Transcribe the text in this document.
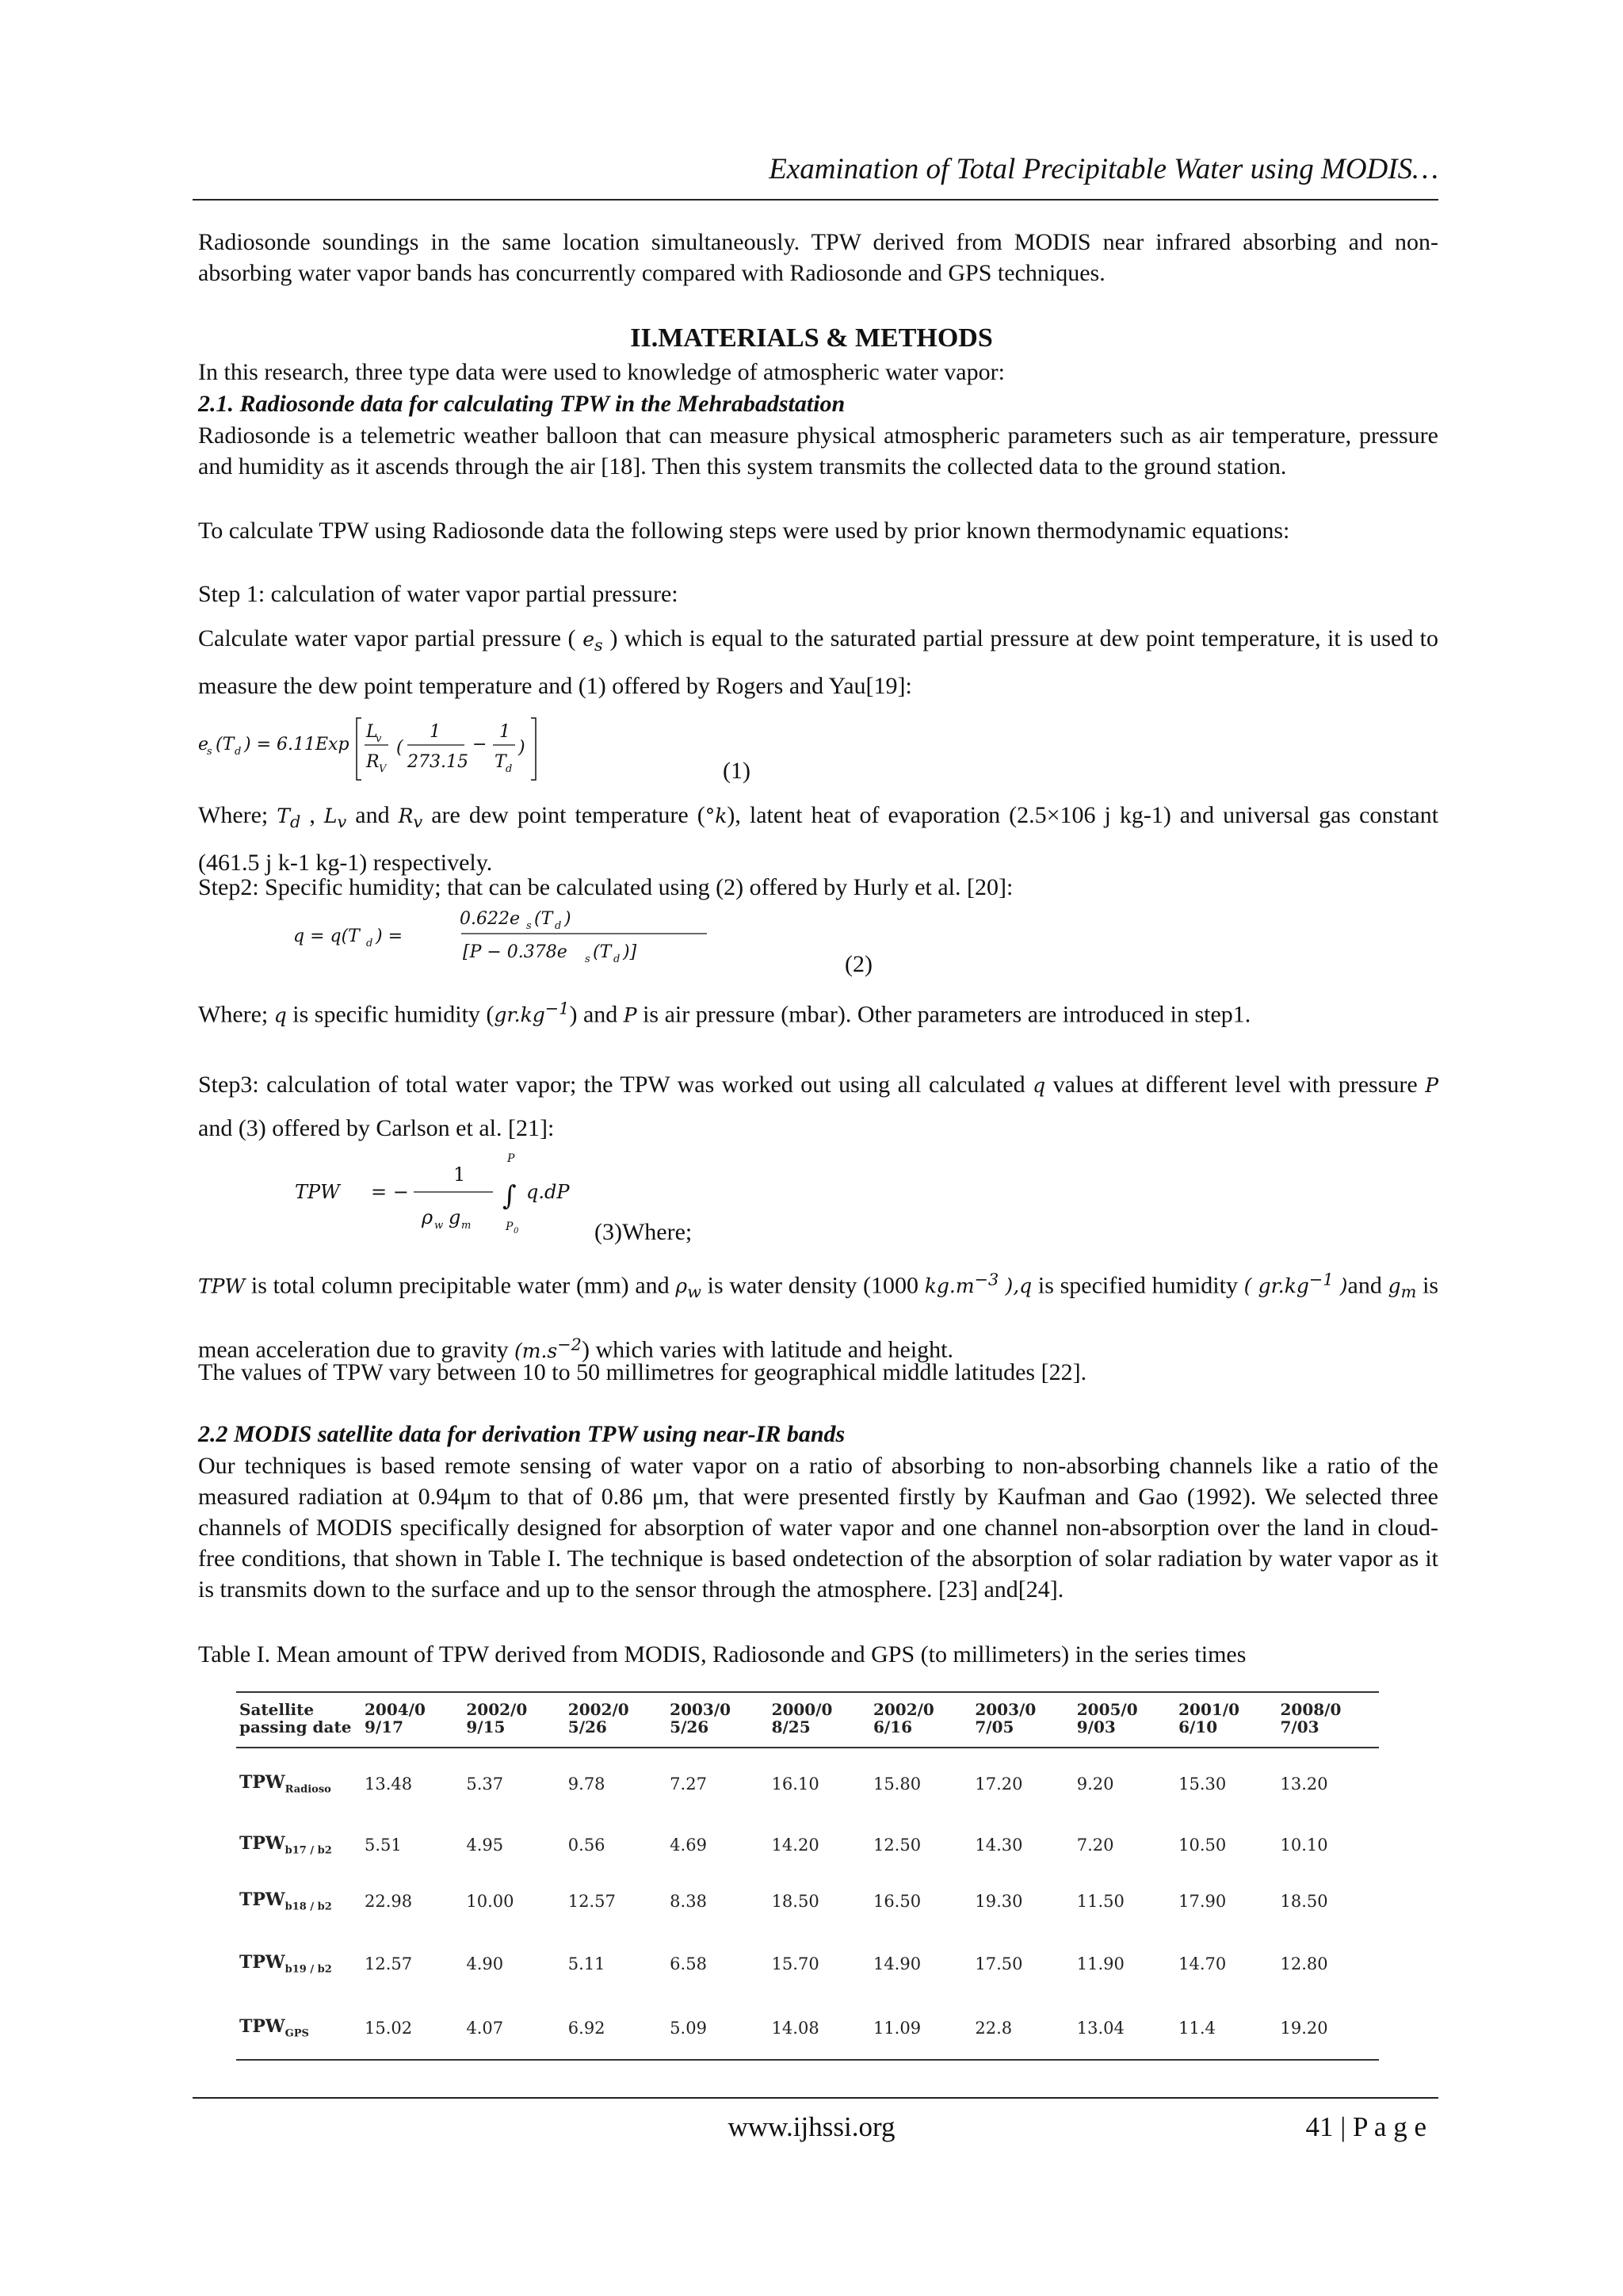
Examination of Total Precipitable Water using MODIS…
Radiosonde soundings in the same location simultaneously. TPW derived from MODIS near infrared absorbing and non- absorbing water vapor bands has concurrently compared with Radiosonde and GPS techniques.
II.MATERIALS & METHODS
In this research, three type data were used to knowledge of atmospheric water vapor:
2.1. Radiosonde data for calculating TPW in the Mehrabadstation
Radiosonde is a telemetric weather balloon that can measure physical atmospheric parameters such as air temperature, pressure and humidity as it ascends through the air [18]. Then this system transmits the collected data to the ground station.
To calculate TPW using Radiosonde data the following steps were used by prior known thermodynamic equations:
Step 1: calculation of water vapor partial pressure:
Calculate water vapor partial pressure ( $e_s$ ) which is equal to the saturated partial pressure at dew point temperature, it is used to measure the dew point temperature and (1) offered by Rogers and Yau[19]:
e
s (T d ) = 6.11Exp
L
v
R V
(
1
273.15
−
1
T d
)
(1)
Where; $T_d$ , $L_v$ and $R_v$ are dew point temperature (°k), latent heat of evaporation (2.5×106 j kg-1) and universal gas constant (461.5 j k-1 kg-1) respectively.
Step2: Specific humidity; that can be calculated using (2) offered by Hurly et al. [20]:
q = q(T d ) =
0.622e s (T d )
[P − 0.378e s (T d )]	(2)
Where; q is specific humidity $(gr.kg^{-1})$ and P is air pressure (mbar). Other parameters are introduced in step1.
Step3: calculation of total water vapor; the TPW was worked out using all calculated q values at different level with pressure P and (3) offered by Carlson et al. [21]:
TPW = −
1
ρ w g m
P
∫
P 0
q.dP
(3)Where;
TPW is total column precipitable water (mm) and $\rho_w$ is water density (1000 $kg.m^{-3}$ ),q is specified humidity ( $gr.kg^{-1}$ )and $g_m$ is mean acceleration due to gravity $(m.s^{-2})$ which varies with latitude and height.
The values of TPW vary between 10 to 50 millimetres for geographical middle latitudes [22].
2.2 MODIS satellite data for derivation TPW using near-IR bands
Our techniques is based remote sensing of water vapor on a ratio of absorbing to non-absorbing channels like a ratio of the measured radiation at 0.94μm to that of 0.86 μm, that were presented firstly by Kaufman and Gao (1992). We selected three channels of MODIS specifically designed for absorption of water vapor and one channel non-absorption over the land in cloud-free conditions, that shown in Table I. The technique is based ondetection of the absorption of solar radiation by water vapor as it is transmits down to the surface and up to the sensor through the atmosphere. [23] and[24].
Table I. Mean amount of TPW derived from MODIS, Radiosonde and GPS (to millimeters) in the series times
Satellite passing date	2004/0 9/17	2002/0 9/15	2002/0 5/26	2003/0 5/26	2000/0 8/25	2002/0 6/16	2003/0 7/05	2005/0 9/03	2001/0 6/10	2008/0 7/03
$TPW_{Radioso}$	13.48	5.37	9.78	7.27	16.10	15.80	17.20	9.20	15.30	13.20
$TPW_{b17 / b2}$	5.51	4.95	0.56	4.69	14.20	12.50	14.30	7.20	10.50	10.10
$TPW_{b18 / b2}$	22.98	10.00	12.57	8.38	18.50	16.50	19.30	11.50	17.90	18.50
$TPW_{b19 / b2}$	12.57	4.90	5.11	6.58	15.70	14.90	17.50	11.90	14.70	12.80
$TPW_{GPS}$	15.02	4.07	6.92	5.09	14.08	11.09	22.8	13.04	11.4	19.20
www.ijhssi.org	41 | P a g e
